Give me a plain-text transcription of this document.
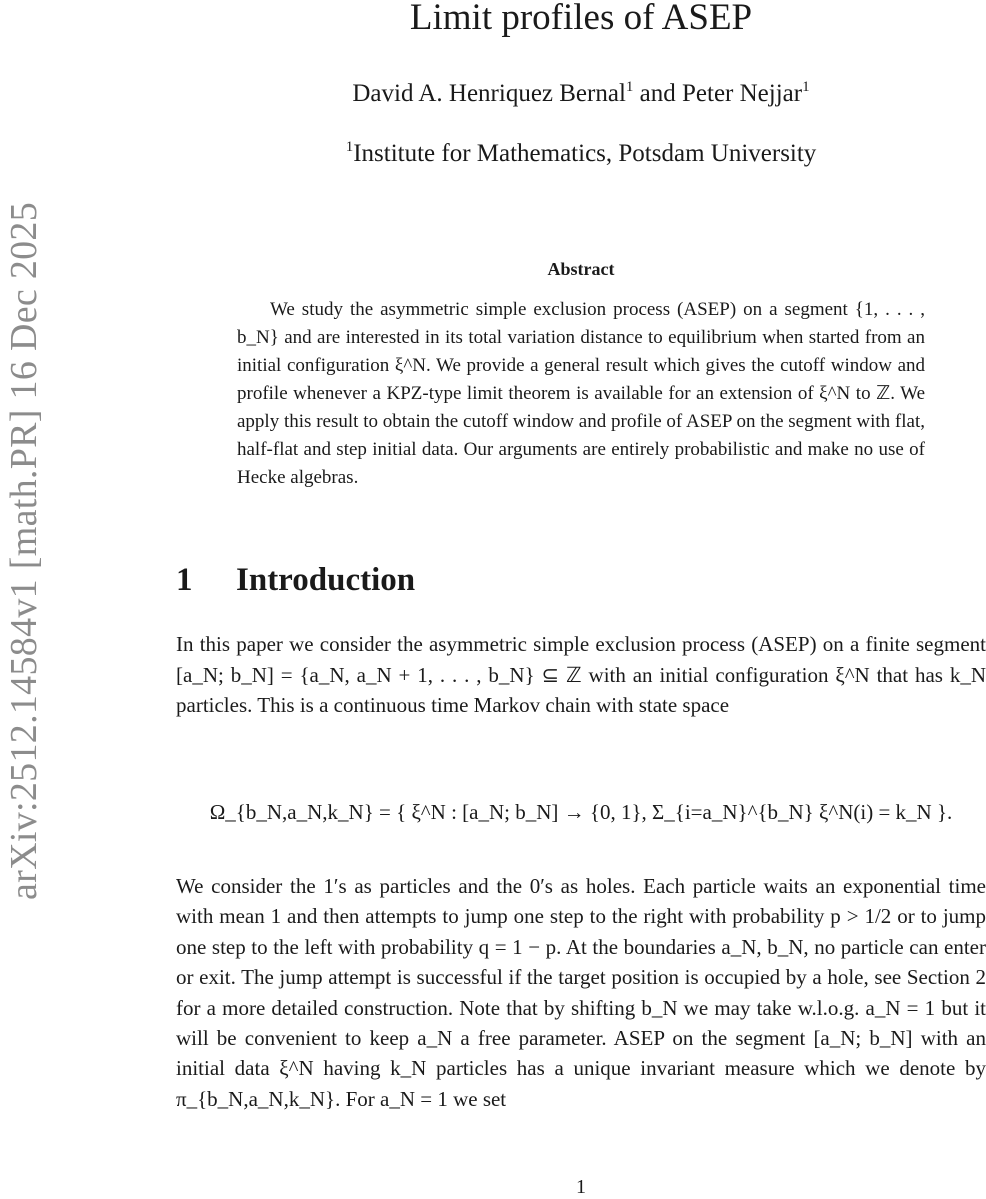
arXiv:2512.14584v1 [math.PR] 16 Dec 2025
Limit profiles of ASEP
David A. Henriquez Bernal$^1$ and Peter Nejjar$^1$
$^1$Institute for Mathematics, Potsdam University
Abstract
We study the asymmetric simple exclusion process (ASEP) on a segment {1, . . . , b_N} and are interested in its total variation distance to equilibrium when started from an initial configuration ξ^N. We provide a general result which gives the cutoff window and profile whenever a KPZ-type limit theorem is available for an extension of ξ^N to ℤ. We apply this result to obtain the cutoff window and profile of ASEP on the segment with flat, half-flat and step initial data. Our arguments are entirely probabilistic and make no use of Hecke algebras.
1 Introduction
In this paper we consider the asymmetric simple exclusion process (ASEP) on a finite segment [a_N; b_N] = {a_N, a_N + 1, . . . , b_N} ⊆ ℤ with an initial configuration ξ^N that has k_N particles. This is a continuous time Markov chain with state space
Ω_{b_N,a_N,k_N} = { ξ^N : [a_N; b_N] → {0, 1}, Σ_{i=a_N}^{b_N} ξ^N(i) = k_N }.
We consider the 1′s as particles and the 0′s as holes. Each particle waits an exponential time with mean 1 and then attempts to jump one step to the right with probability p > 1/2 or to jump one step to the left with probability q = 1 − p. At the boundaries a_N, b_N, no particle can enter or exit. The jump attempt is successful if the target position is occupied by a hole, see Section 2 for a more detailed construction. Note that by shifting b_N we may take w.l.o.g. a_N = 1 but it will be convenient to keep a_N a free parameter. ASEP on the segment [a_N; b_N] with an initial data ξ^N having k_N particles has a unique invariant measure which we denote by π_{b_N,a_N,k_N}. For a_N = 1 we set
1
